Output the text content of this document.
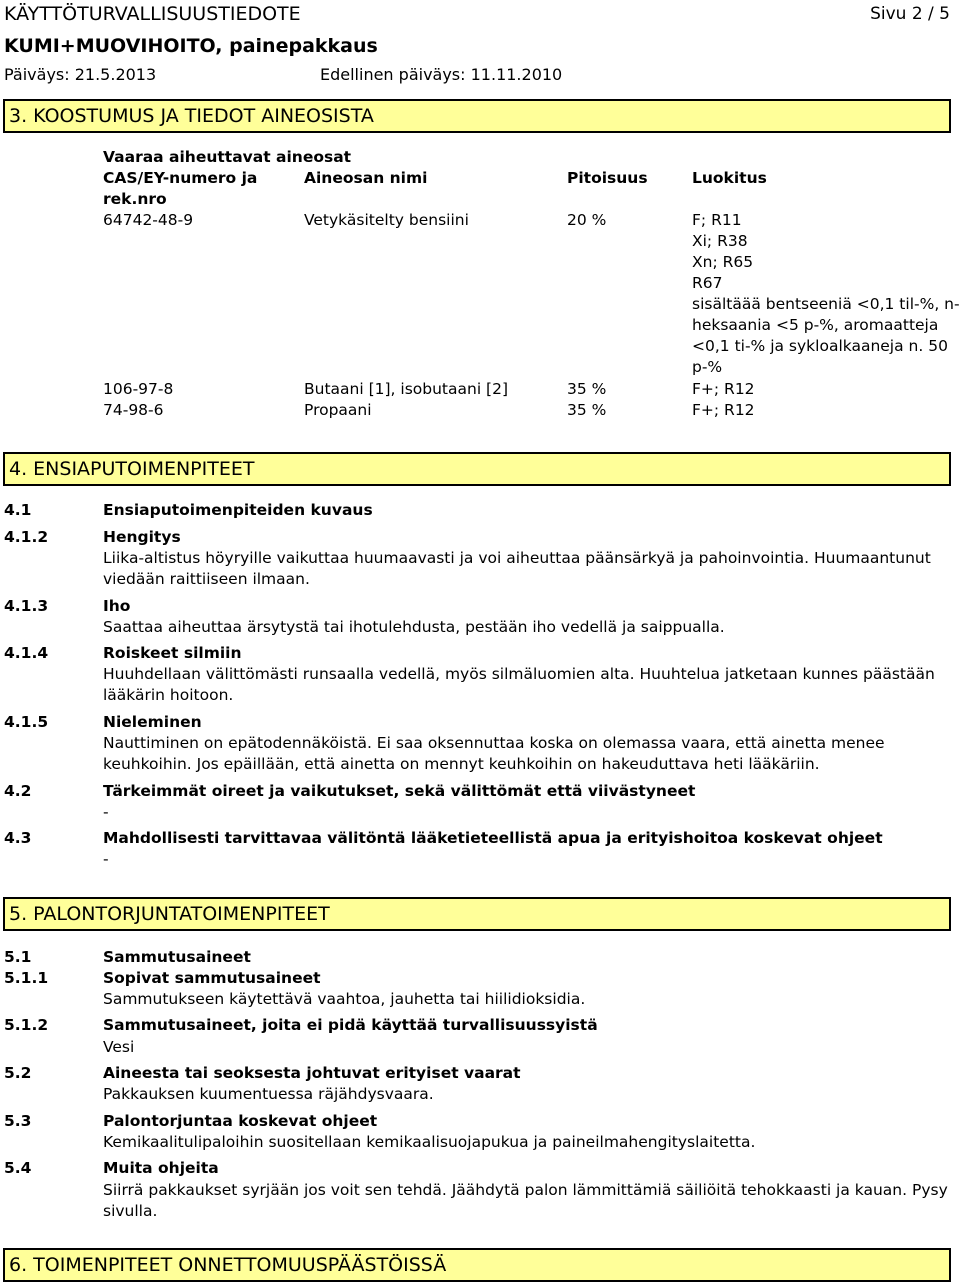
KÄYTTÖTURVALLISUUSTIEDOTE	Sivu 2 / 5
KUMI+MUOVIHOITO, painepakkaus
Päiväys: 21.5.2013	Edellinen päiväys: 11.11.2010
3. KOOSTUMUS JA TIEDOT AINEOSISTA
Vaaraa aiheuttavat aineosat
CAS/EY-numero ja	Aineosan nimi	Pitoisuus	Luokitus
rek.nro
64742-48-9	Vetykäsitelty bensiini	20 %	F; R11
Xi; R38
Xn; R65
R67
sisältäää bentseeniä <0,1 til-%, n-
heksaania <5 p-%, aromaatteja
<0,1 ti-% ja sykloalkaaneja n. 50
p-%
106-97-8	Butaani [1], isobutaani [2]	35 %	F+; R12
74-98-6	Propaani	35 %	F+; R12
4. ENSIAPUTOIMENPITEET
4.1	Ensiaputoimenpiteiden kuvaus
4.1.2	Hengitys
Liika-altistus höyryille vaikuttaa huumaavasti ja voi aiheuttaa päänsärkyä ja pahoinvointia. Huumaantunut viedään raittiiseen ilmaan.
4.1.3	Iho
Saattaa aiheuttaa ärsytystä tai ihotulehdusta, pestään iho vedellä ja saippualla.
4.1.4	Roiskeet silmiin
Huuhdellaan välittömästi runsaalla vedellä, myös silmäluomien alta. Huuhtelua jatketaan kunnes päästään lääkärin hoitoon.
4.1.5	Nieleminen
Nauttiminen on epätodennäköistä. Ei saa oksennuttaa koska on olemassa vaara, että ainetta menee keuhkoihin. Jos epäillään, että ainetta on mennyt keuhkoihin on hakeuduttava heti lääkäriin.
4.2	Tärkeimmät oireet ja vaikutukset, sekä välittömät että viivästyneet
-
4.3	Mahdollisesti tarvittavaa välitöntä lääketieteellistä apua ja erityishoitoa koskevat ohjeet
-
5. PALONTORJUNTATOIMENPITEET
5.1	Sammutusaineet
5.1.1	Sopivat sammutusaineet
Sammutukseen käytettävä vaahtoa, jauhetta tai hiilidioksidia.
5.1.2	Sammutusaineet, joita ei pidä käyttää turvallisuussyistä
Vesi
5.2	Aineesta tai seoksesta johtuvat erityiset vaarat
Pakkauksen kuumentuessa räjähdysvaara.
5.3	Palontorjuntaa koskevat ohjeet
Kemikaalitulipaloihin suositellaan kemikaalisuojapukua ja paineilmahengityslaitetta.
5.4	Muita ohjeita
Siirrä pakkaukset syrjään jos voit sen tehdä. Jäähdytä palon lämmittämiä säiliöitä tehokkaasti ja kauan. Pysy sivulla.
6. TOIMENPITEET ONNETTOMUUSPÄÄSTÖISSÄ
